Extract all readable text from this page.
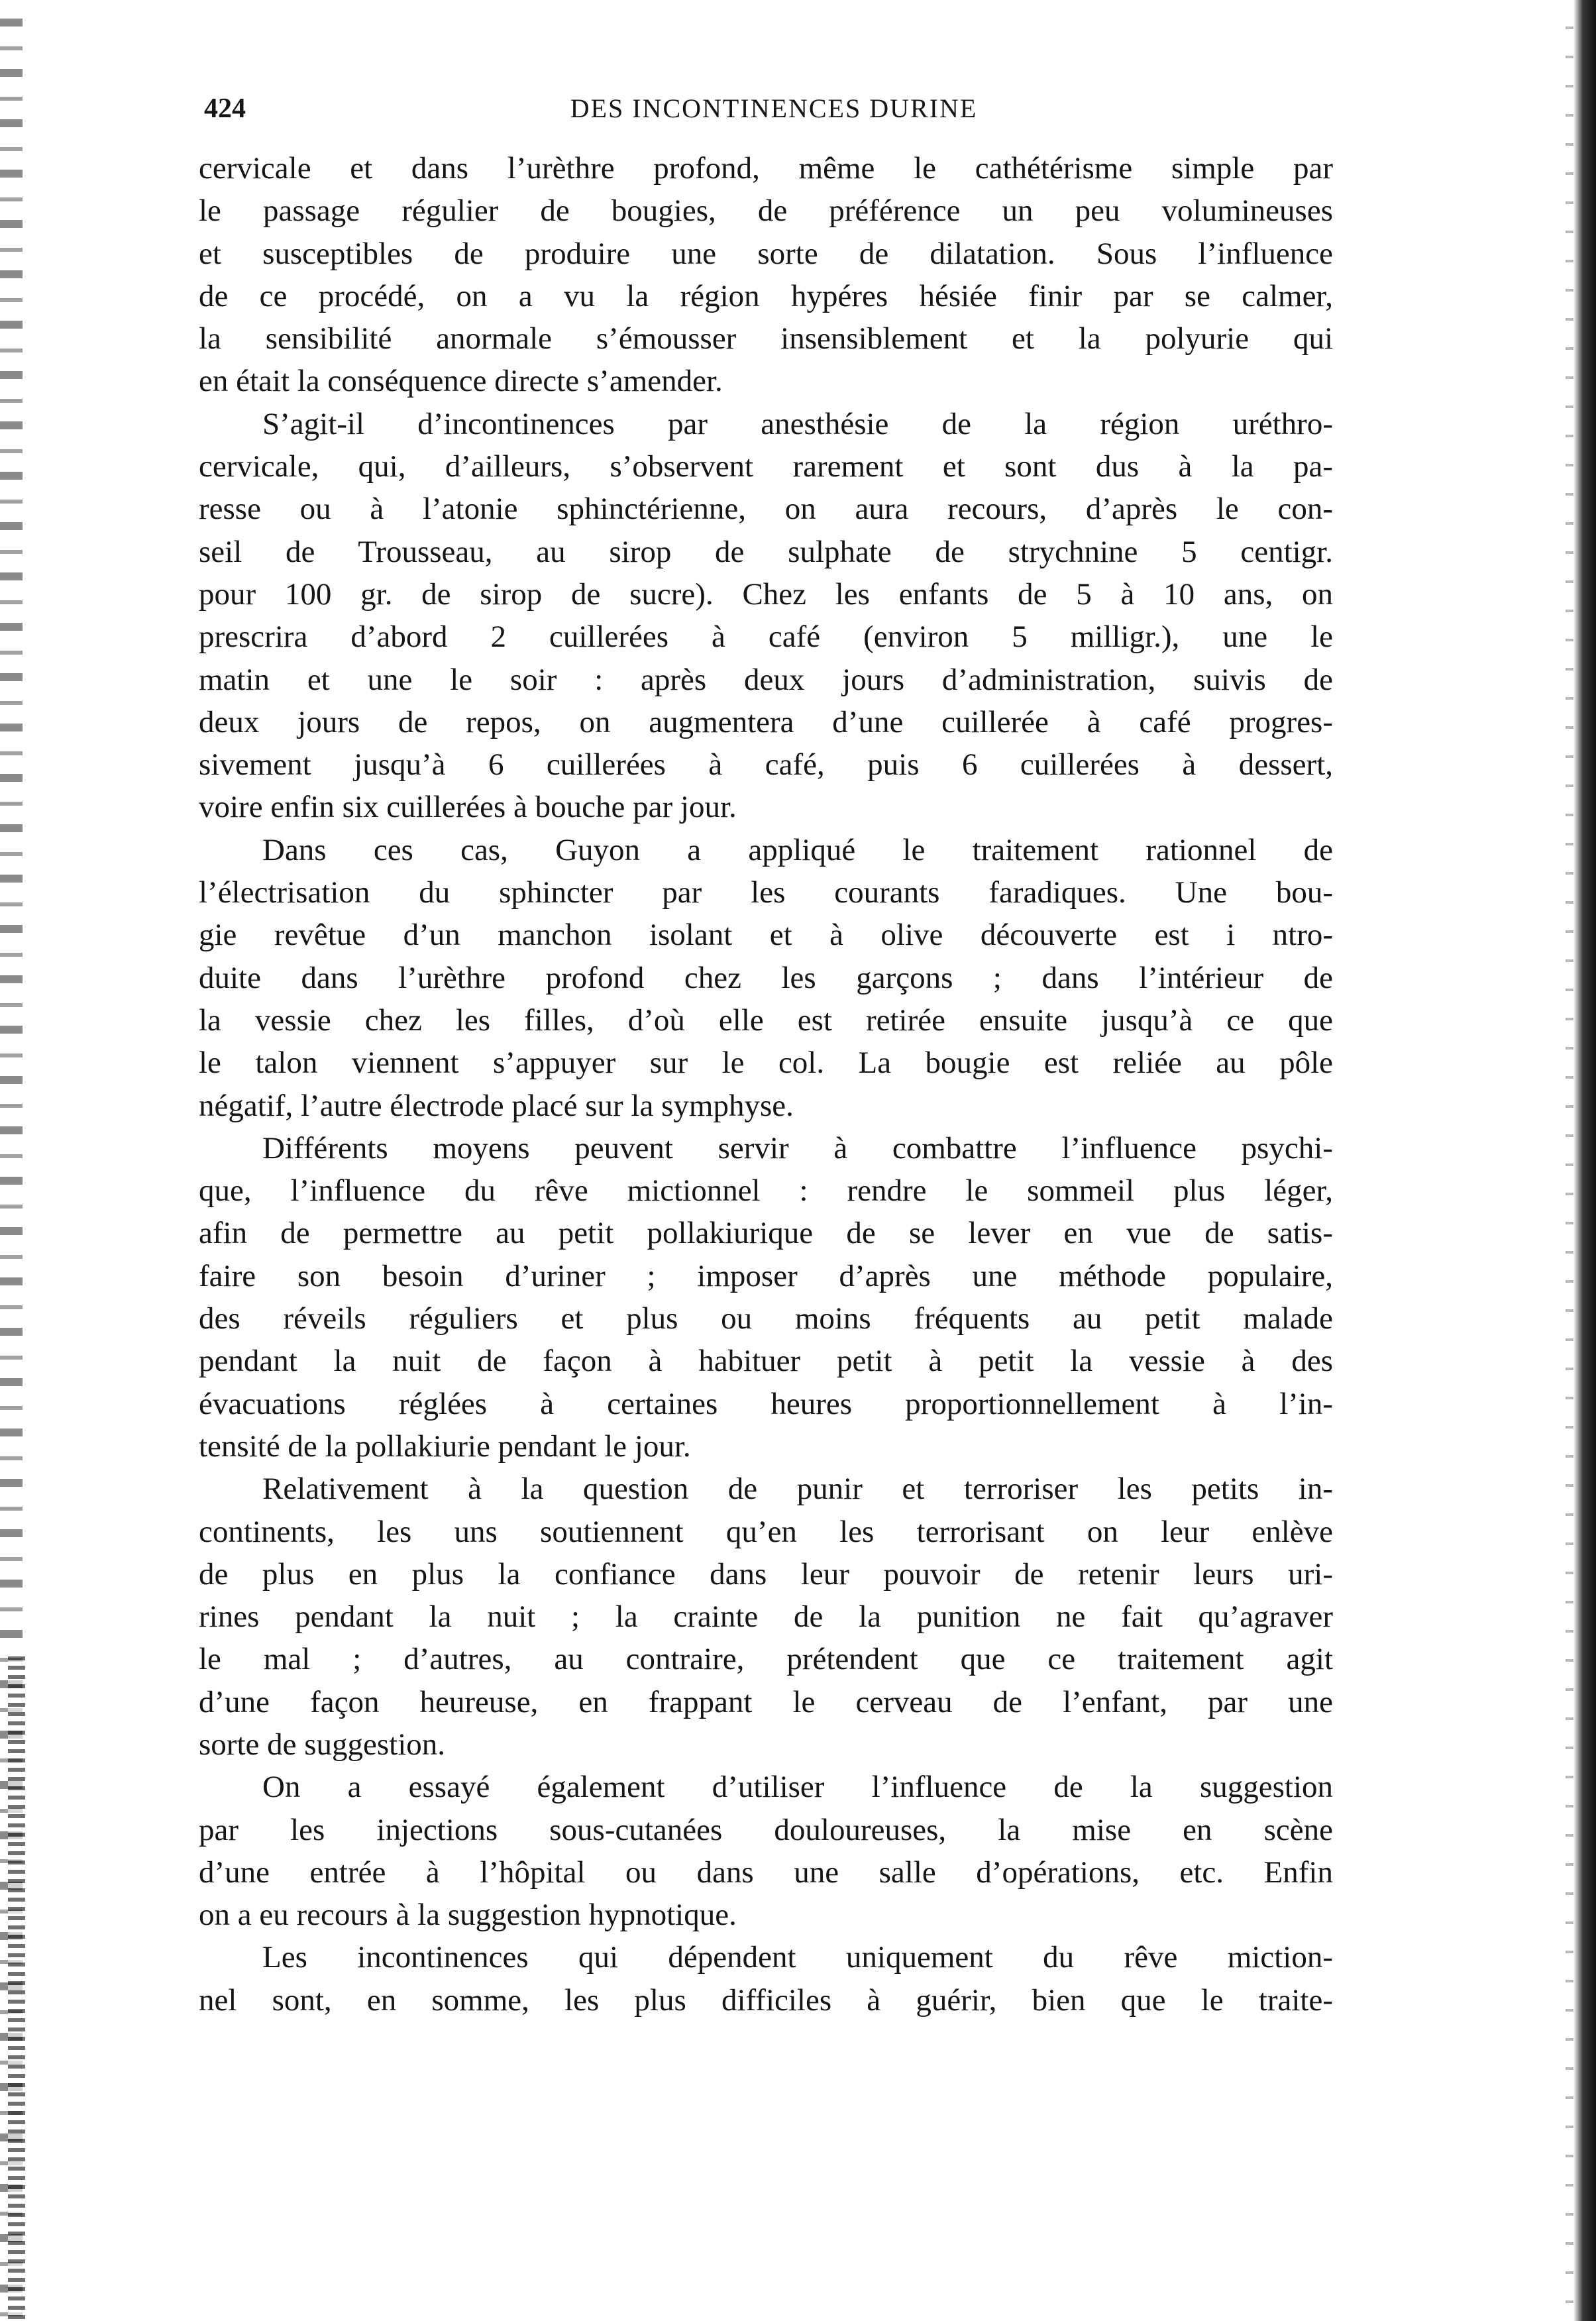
424	DES INCONTINENCES DURINE
cervicale et dans l’urèthre profond, même le cathétérisme simple par
le passage régulier de bougies, de préférence un peu volumineuses
et susceptibles de produire une sorte de dilatation. Sous l’influence
de ce procédé, on a vu la région hypéres hésiée finir par se calmer,
la sensibilité anormale s’émousser insensiblement et la polyurie qui
en était la conséquence directe s’amender.
S’agit-il d’incontinences par anesthésie de la région uréthro-
cervicale, qui, d’ailleurs, s’observent rarement et sont dus à la pa-
resse ou à l’atonie sphinctérienne, on aura recours, d’après le con-
seil de Trousseau, au sirop de sulphate de strychnine 5 centigr.
pour 100 gr. de sirop de sucre). Chez les enfants de 5 à 10 ans, on
prescrira d’abord 2 cuillerées à café (environ 5 milligr.), une le
matin et une le soir : après deux jours d’administration, suivis de
deux jours de repos, on augmentera d’une cuillerée à café progres-
sivement jusqu’à 6 cuillerées à café, puis 6 cuillerées à dessert,
voire enfin six cuillerées à bouche par jour.
Dans ces cas, Guyon a appliqué le traitement rationnel de
l’électrisation du sphincter par les courants faradiques. Une bou-
gie revêtue d’un manchon isolant et à olive découverte est i ntro-
duite dans l’urèthre profond chez les garçons ; dans l’intérieur de
la vessie chez les filles, d’où elle est retirée ensuite jusqu’à ce que
le talon viennent s’appuyer sur le col. La bougie est reliée au pôle
négatif, l’autre électrode placé sur la symphyse.
Différents moyens peuvent servir à combattre l’influence psychi-
que, l’influence du rêve mictionnel : rendre le sommeil plus léger,
afin de permettre au petit pollakiurique de se lever en vue de satis-
faire son besoin d’uriner ; imposer d’après une méthode populaire,
des réveils réguliers et plus ou moins fréquents au petit malade
pendant la nuit de façon à habituer petit à petit la vessie à des
évacuations réglées à certaines heures proportionnellement à l’in-
tensité de la pollakiurie pendant le jour.
Relativement à la question de punir et terroriser les petits in-
continents, les uns soutiennent qu’en les terrorisant on leur enlève
de plus en plus la confiance dans leur pouvoir de retenir leurs uri-
rines pendant la nuit ; la crainte de la punition ne fait qu’agraver
le mal ; d’autres, au contraire, prétendent que ce traitement agit
d’une façon heureuse, en frappant le cerveau de l’enfant, par une
sorte de suggestion.
On a essayé également d’utiliser l’influence de la suggestion
par les injections sous-cutanées douloureuses, la mise en scène
d’une entrée à l’hôpital ou dans une salle d’opérations, etc. Enfin
on a eu recours à la suggestion hypnotique.
Les incontinences qui dépendent uniquement du rêve miction-
nel sont, en somme, les plus difficiles à guérir, bien que le traite-
